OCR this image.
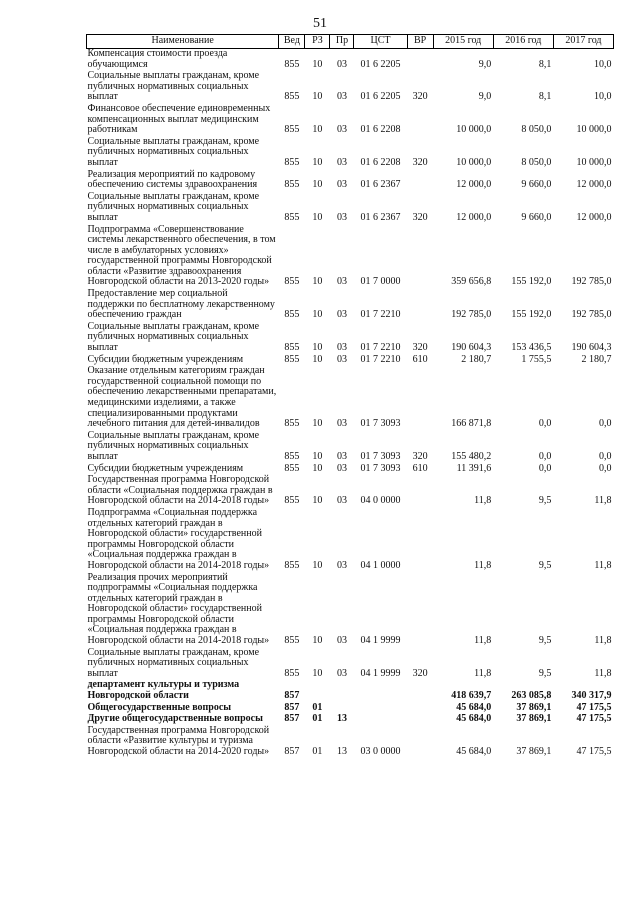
51
Наименование	Вед	РЗ	Пр	ЦСТ	ВР	2015 год	2016 год	2017 год
Компенсация стоимости проезда обучающимся	855	10	03	01 6 2205		9,0	8,1	10,0
Социальные выплаты гражданам, кроме публичных нормативных социальных выплат	855	10	03	01 6 2205	320	9,0	8,1	10,0
Финансовое обеспечение единовременных компенсационных выплат медицинским работникам	855	10	03	01 6 2208		10 000,0	8 050,0	10 000,0
Социальные выплаты гражданам, кроме публичных нормативных социальных выплат	855	10	03	01 6 2208	320	10 000,0	8 050,0	10 000,0
Реализация мероприятий по кадровому обеспечению системы здравоохранения	855	10	03	01 6 2367		12 000,0	9 660,0	12 000,0
Социальные выплаты гражданам, кроме публичных нормативных социальных выплат	855	10	03	01 6 2367	320	12 000,0	9 660,0	12 000,0
Подпрограмма «Совершенствование системы лекарственного обеспечения, в том числе в амбулаторных условиях» государственной программы Новгородской области «Развитие здравоохранения Новгородской области на 2013-2020 годы»	855	10	03	01 7 0000		359 656,8	155 192,0	192 785,0
Предоставление мер социальной поддержки по бесплатному лекарственному обеспечению граждан	855	10	03	01 7 2210		192 785,0	155 192,0	192 785,0
Социальные выплаты гражданам, кроме публичных нормативных социальных выплат	855	10	03	01 7 2210	320	190 604,3	153 436,5	190 604,3
Субсидии бюджетным учреждениям	855	10	03	01 7 2210	610	2 180,7	1 755,5	2 180,7
Оказание отдельным категориям граждан государственной социальной помощи по обеспечению лекарственными препаратами, медицинскими изделиями, а также специализированными продуктами лечебного питания для детей-инвалидов	855	10	03	01 7 3093		166 871,8	0,0	0,0
Социальные выплаты гражданам, кроме публичных нормативных социальных выплат	855	10	03	01 7 3093	320	155 480,2	0,0	0,0
Субсидии бюджетным учреждениям	855	10	03	01 7 3093	610	11 391,6	0,0	0,0
Государственная программа Новгородской области «Социальная поддержка граждан в Новгородской области на 2014-2018 годы»	855	10	03	04 0 0000		11,8	9,5	11,8
Подпрограмма «Социальная поддержка отдельных категорий граждан в Новгородской области» государственной программы Новгородской области «Социальная поддержка граждан в Новгородской области на 2014-2018 годы»	855	10	03	04 1 0000		11,8	9,5	11,8
Реализация прочих мероприятий подпрограммы «Социальная поддержка отдельных категорий граждан в Новгородской области» государственной программы Новгородской области «Социальная поддержка граждан в Новгородской области на 2014-2018 годы»	855	10	03	04 1 9999		11,8	9,5	11,8
Социальные выплаты гражданам, кроме публичных нормативных социальных выплат	855	10	03	04 1 9999	320	11,8	9,5	11,8
департамент культуры и туризма Новгородской области	857					418 639,7	263 085,8	340 317,9
Общегосударственные вопросы	857	01				45 684,0	37 869,1	47 175,5
Другие общегосударственные вопросы	857	01	13			45 684,0	37 869,1	47 175,5
Государственная программа Новгородской области «Развитие культуры и туризма Новгородской области на 2014-2020 годы»	857	01	13	03 0 0000		45 684,0	37 869,1	47 175,5
